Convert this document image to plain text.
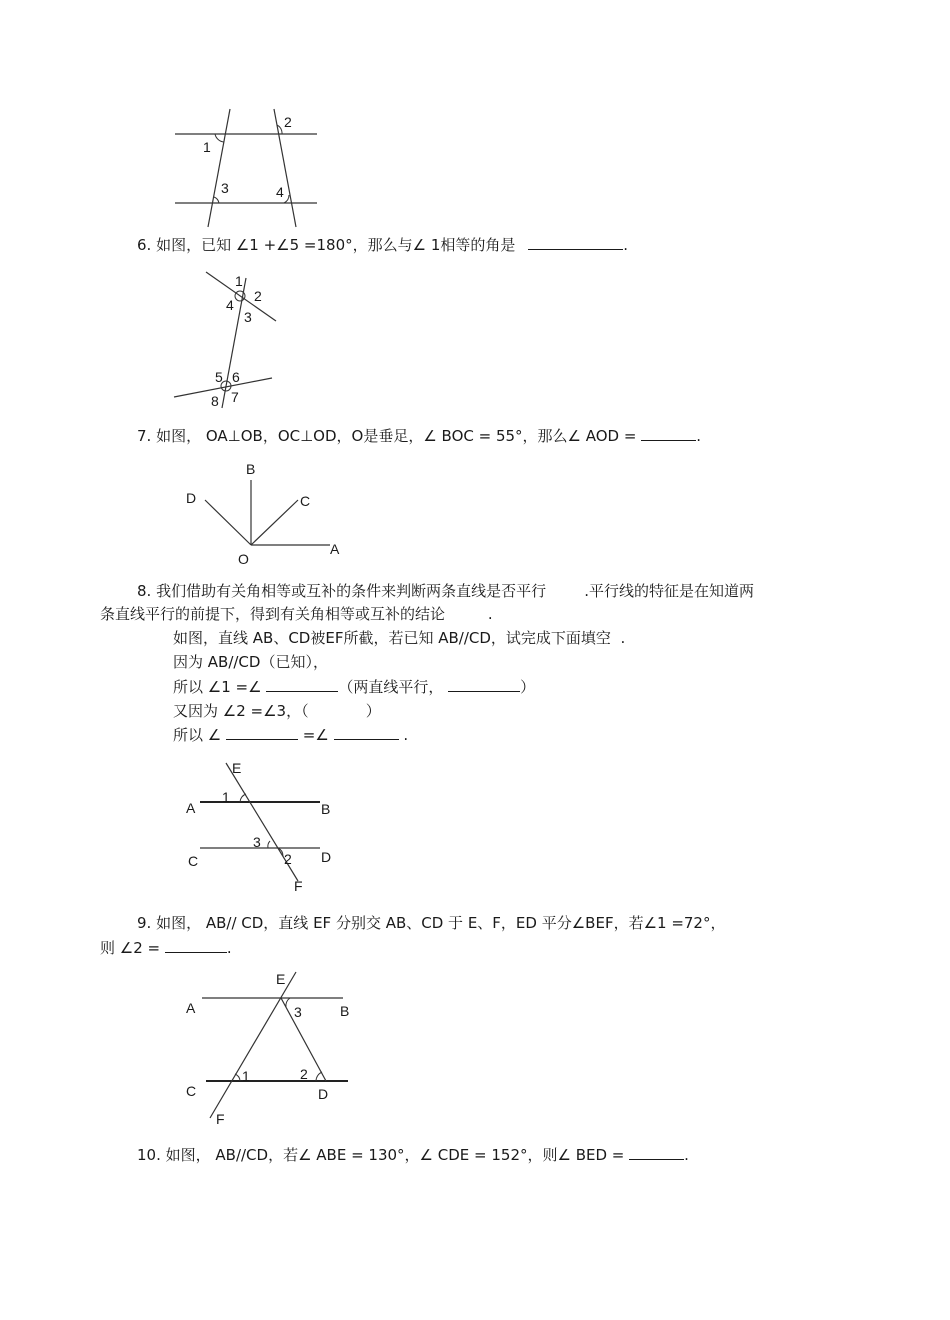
1
2
3	4
6. 如图，已知 ∠1 +∠5 =180°，那么与∠ 1相等的角是	.
1
2
3
4
5 6
7
8
7. 如图， OA⊥OB，OC⊥OD，O是垂足，∠ BOC = 55°，那么∠ AOD =	.
B
D	C
O
A
8. 我们借助有关角相等或互补的条件来判断两条直线是否平行        .平行线的特征是在知道两
条直线平行的前提下，得到有关角相等或互补的结论         .
如图，直线 AB、CD被EF所截，若已知 AB//CD，试完成下面填空  .
因为 AB//CD（已知），
所以 ∠1 =∠	（两直线平行，	）
又因为 ∠2 =∠3，（            ）
所以 ∠	=∠	.
E
A
1
B
3
C	2 D
F
9. 如图， AB// CD，直线 EF 分别交 AB、CD 于 E、F，ED 平分∠BEF，若∠1 =72°，
则 ∠2 =	.
E
A	3	B
C
1	2
D
F
10. 如图， AB//CD，若∠ ABE = 130°，∠ CDE = 152°，则∠ BED =	.
